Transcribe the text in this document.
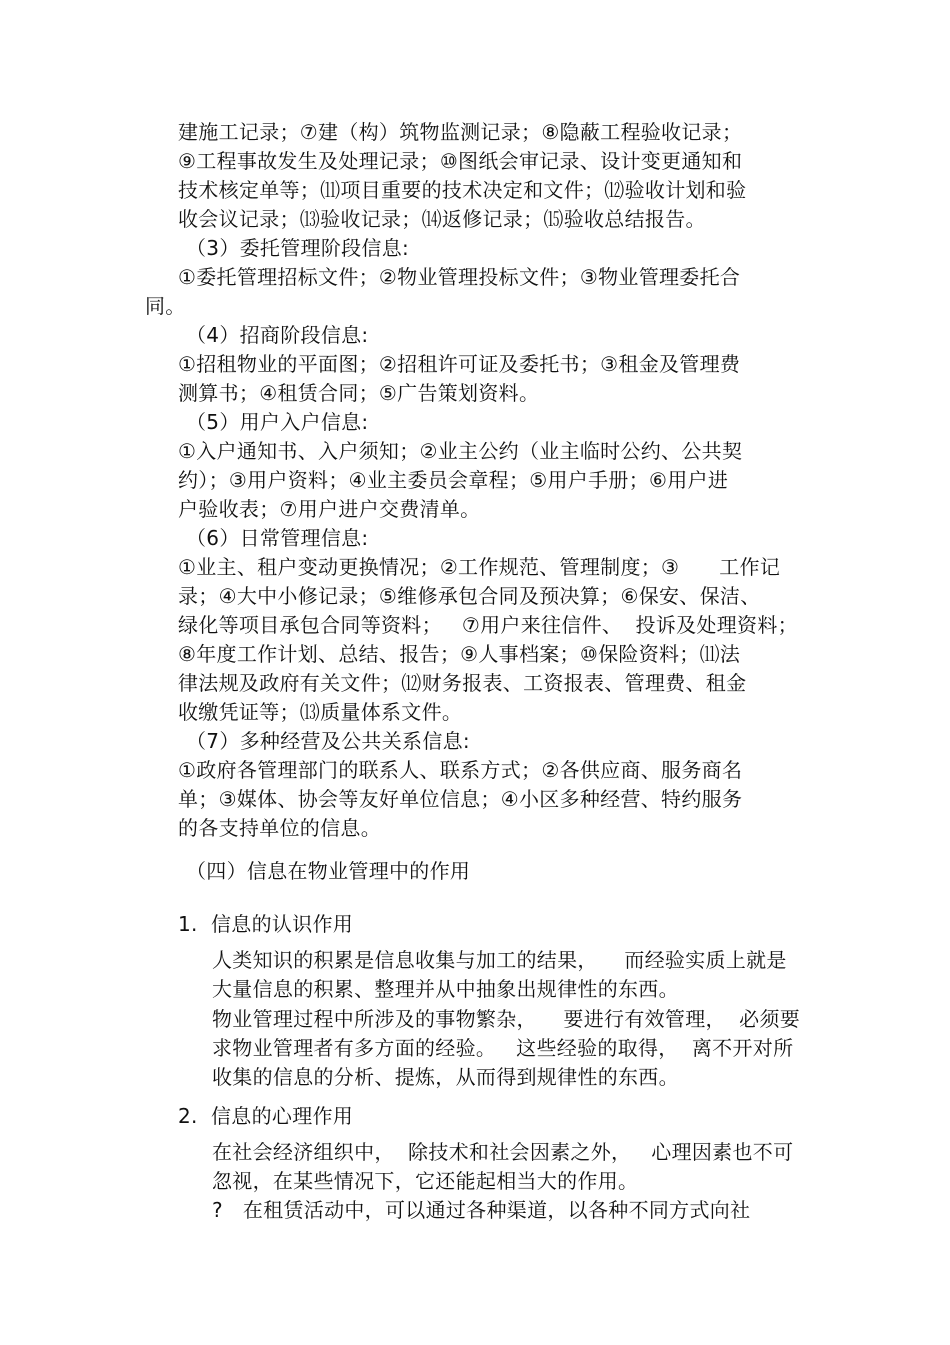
建施工记录；⑦建（构）筑物监测记录；⑧隐蔽工程验收记录；
⑨工程事故发生及处理记录；⑩图纸会审记录、设计变更通知和
技术核定单等；⑾项目重要的技术决定和文件；⑿验收计划和验
收会议记录；⒀验收记录；⒁返修记录；⒂验收总结报告。
（3）委托管理阶段信息:
①委托管理招标文件；②物业管理投标文件；③物业管理委托合
同。
（4）招商阶段信息:
①招租物业的平面图；②招租许可证及委托书；③租金及管理费
测算书；④租赁合同；⑤广告策划资料。
（5）用户入户信息:
①入户通知书、入户须知；②业主公约（业主临时公约、公共契
约）；③用户资料；④业主委员会章程；⑤用户手册；⑥用户进
户验收表；⑦用户进户交费清单。
（6）日常管理信息:
①业主、租户变动更换情况；②工作规范、管理制度；③      工作记
录；④大中小修记录；⑤维修承包合同及预决算；⑥保安、保洁、
绿化等项目承包合同等资料；   ⑦用户来往信件、  投诉及处理资料；
⑧年度工作计划、总结、报告；⑨人事档案；⑩保险资料；⑾法
律法规及政府有关文件；⑿财务报表、工资报表、管理费、租金
收缴凭证等；⒀质量体系文件。
（7）多种经营及公共关系信息:
①政府各管理部门的联系人、联系方式；②各供应商、服务商名
单；③媒体、协会等友好单位信息；④小区多种经营、特约服务
的各支持单位的信息。
（四）信息在物业管理中的作用
1.  信息的认识作用
人类知识的积累是信息收集与加工的结果，    而经验实质上就是
大量信息的积累、整理并从中抽象出规律性的东西。
物业管理过程中所涉及的事物繁杂，    要进行有效管理，  必须要
求物业管理者有多方面的经验。   这些经验的取得，  离不开对所
收集的信息的分析、提炼，从而得到规律性的东西。
2.  信息的心理作用
在社会经济组织中，  除技术和社会因素之外，   心理因素也不可
忽视，在某些情况下，它还能起相当大的作用。
?   在租赁活动中，可以通过各种渠道，以各种不同方式向社
